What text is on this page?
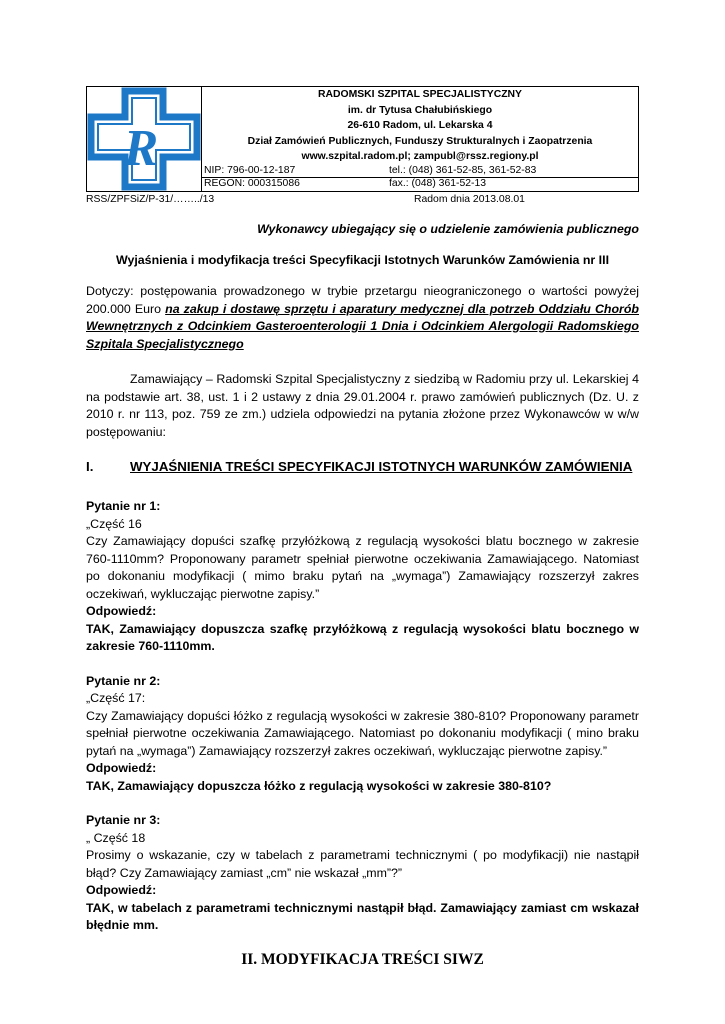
R
RADOMSKI SZPITAL SPECJALISTYCZNY
im. dr Tytusa Chałubińskiego
26-610 Radom, ul. Lekarska 4
Dział Zamówień Publicznych, Funduszy Strukturalnych i Zaopatrzenia
www.szpital.radom.pl; zampubl@rssz.regiony.pl
NIP: 796-00-12-187	tel.: (048) 361-52-85, 361-52-83
REGON: 000315086	fax.: (048) 361-52-13
RSS/ZPFSiZ/P-31/……../13	Radom dnia 2013.08.01
Wykonawcy ubiegający się o udzielenie zamówienia publicznego
Wyjaśnienia i modyfikacja treści Specyfikacji Istotnych Warunków Zamówienia nr III
Dotyczy: postępowania prowadzonego w trybie przetargu nieograniczonego o wartości powyżej 200.000 Euro na zakup i dostawę sprzętu i aparatury medycznej dla potrzeb Oddziału Chorób Wewnętrznych z Odcinkiem Gasteroenterologii 1 Dnia i Odcinkiem Alergologii Radomskiego Szpitala Specjalistycznego
Zamawiający – Radomski Szpital Specjalistyczny z siedzibą w Radomiu przy ul. Lekarskiej 4 na podstawie art. 38, ust. 1 i 2 ustawy z dnia 29.01.2004 r. prawo zamówień publicznych (Dz. U. z 2010 r. nr 113, poz. 759 ze zm.) udziela odpowiedzi na pytania złożone przez Wykonawców w w/w postępowaniu:
I.	WYJAŚNIENIA TREŚCI SPECYFIKACJI ISTOTNYCH WARUNKÓW ZAMÓWIENIA
Pytanie nr 1:
„Część 16
Czy Zamawiający dopuści szafkę przyłóżkową z regulacją wysokości blatu bocznego w zakresie 760-1110mm? Proponowany parametr spełniał pierwotne oczekiwania Zamawiającego. Natomiast po dokonaniu modyfikacji ( mimo braku pytań na „wymaga”) Zamawiający rozszerzył zakres oczekiwań, wykluczając pierwotne zapisy.”
Odpowiedź:
TAK, Zamawiający dopuszcza szafkę przyłóżkową z regulacją wysokości blatu bocznego w zakresie 760-1110mm.
Pytanie nr 2:
„Część 17:
Czy Zamawiający dopuści łóżko z regulacją wysokości w zakresie 380-810? Proponowany parametr spełniał pierwotne oczekiwania Zamawiającego. Natomiast po dokonaniu modyfikacji ( mino braku pytań na „wymaga”) Zamawiający rozszerzył zakres oczekiwań, wykluczając pierwotne zapisy.”
Odpowiedź:
TAK, Zamawiający dopuszcza łóżko z regulacją wysokości w zakresie 380-810?
Pytanie nr 3:
„ Część 18
Prosimy o wskazanie, czy w tabelach z parametrami technicznymi ( po modyfikacji) nie nastąpił błąd? Czy Zamawiający zamiast „cm” nie wskazał „mm”?”
Odpowiedź:
TAK, w tabelach z parametrami technicznymi nastąpił błąd. Zamawiający zamiast cm wskazał błędnie mm.
II. MODYFIKACJA TREŚCI SIWZ
